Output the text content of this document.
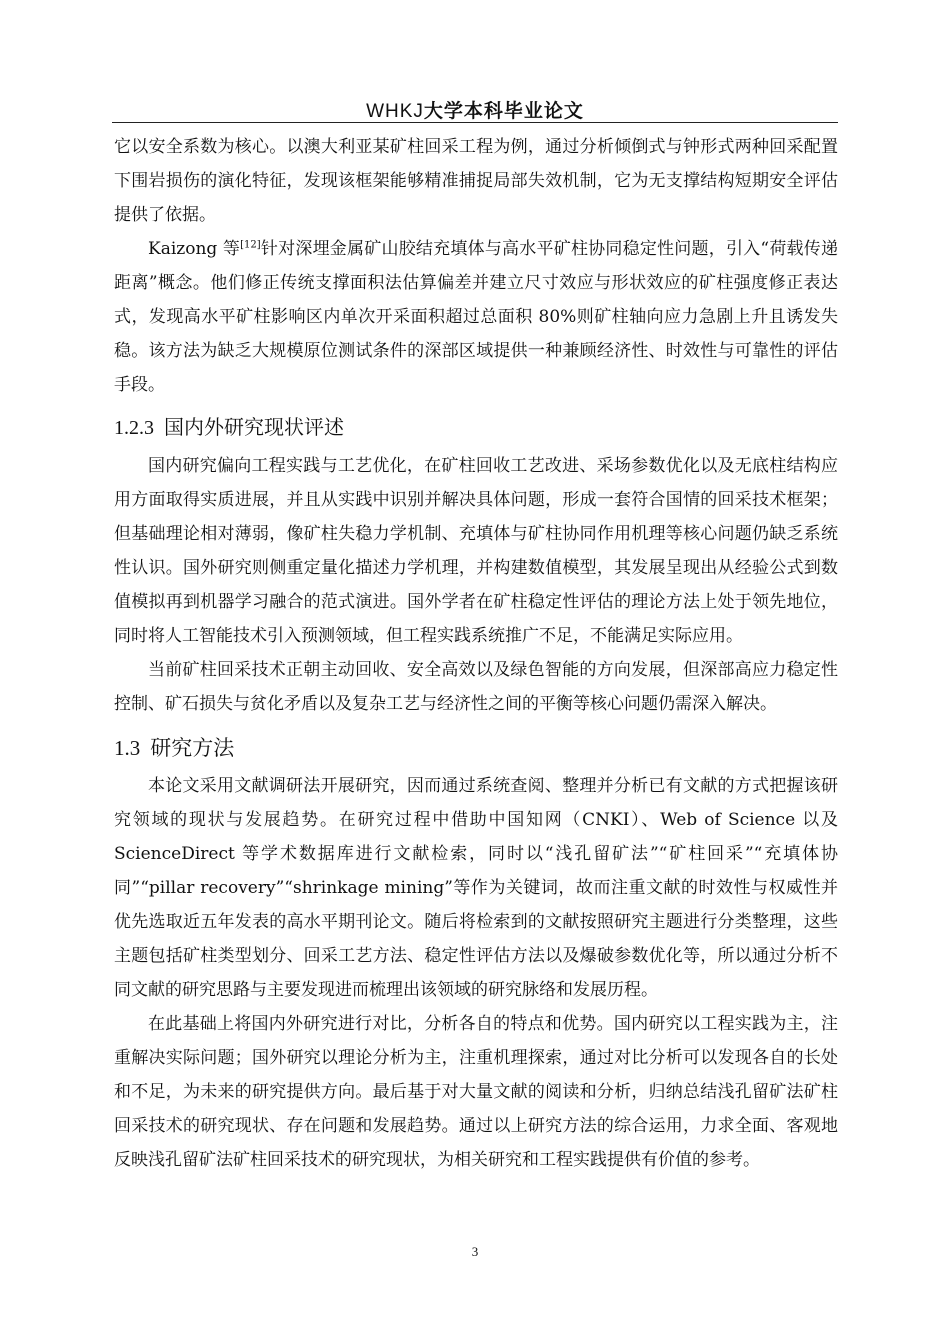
WHKJ大学本科毕业论文

它以安全系数为核心。以澳大利亚某矿柱回采工程为例，通过分析倾倒式与钟形式两种回采配置下围岩损伤的演化特征，发现该框架能够精准捕捉局部失效机制，它为无支撑结构短期安全评估提供了依据。

Kaizong 等[12]针对深埋金属矿山胶结充填体与高水平矿柱协同稳定性问题，引入“荷载传递距离”概念。他们修正传统支撑面积法估算偏差并建立尺寸效应与形状效应的矿柱强度修正表达式，发现高水平矿柱影响区内单次开采面积超过总面积 80%则矿柱轴向应力急剧上升且诱发失稳。该方法为缺乏大规模原位测试条件的深部区域提供一种兼顾经济性、时效性与可靠性的评估手段。

1.2.3 国内外研究现状评述

国内研究偏向工程实践与工艺优化，在矿柱回收工艺改进、采场参数优化以及无底柱结构应用方面取得实质进展，并且从实践中识别并解决具体问题，形成一套符合国情的回采技术框架；但基础理论相对薄弱，像矿柱失稳力学机制、充填体与矿柱协同作用机理等核心问题仍缺乏系统性认识。国外研究则侧重定量化描述力学机理，并构建数值模型，其发展呈现出从经验公式到数值模拟再到机器学习融合的范式演进。国外学者在矿柱稳定性评估的理论方法上处于领先地位，同时将人工智能技术引入预测领域，但工程实践系统推广不足，不能满足实际应用。

当前矿柱回采技术正朝主动回收、安全高效以及绿色智能的方向发展，但深部高应力稳定性控制、矿石损失与贫化矛盾以及复杂工艺与经济性之间的平衡等核心问题仍需深入解决。

1.3 研究方法

本论文采用文献调研法开展研究，因而通过系统查阅、整理并分析已有文献的方式把握该研究领域的现状与发展趋势。在研究过程中借助中国知网（CNKI）、Web of Science 以及 ScienceDirect 等学术数据库进行文献检索，同时以“浅孔留矿法”“矿柱回采”“充填体协同”“pillar recovery”“shrinkage mining”等作为关键词，故而注重文献的时效性与权威性并优先选取近五年发表的高水平期刊论文。随后将检索到的文献按照研究主题进行分类整理，这些主题包括矿柱类型划分、回采工艺方法、稳定性评估方法以及爆破参数优化等，所以通过分析不同文献的研究思路与主要发现进而梳理出该领域的研究脉络和发展历程。

在此基础上将国内外研究进行对比，分析各自的特点和优势。国内研究以工程实践为主，注重解决实际问题；国外研究以理论分析为主，注重机理探索，通过对比分析可以发现各自的长处和不足，为未来的研究提供方向。最后基于对大量文献的阅读和分析，归纳总结浅孔留矿法矿柱回采技术的研究现状、存在问题和发展趋势。通过以上研究方法的综合运用，力求全面、客观地反映浅孔留矿法矿柱回采技术的研究现状，为相关研究和工程实践提供有价值的参考。

3
